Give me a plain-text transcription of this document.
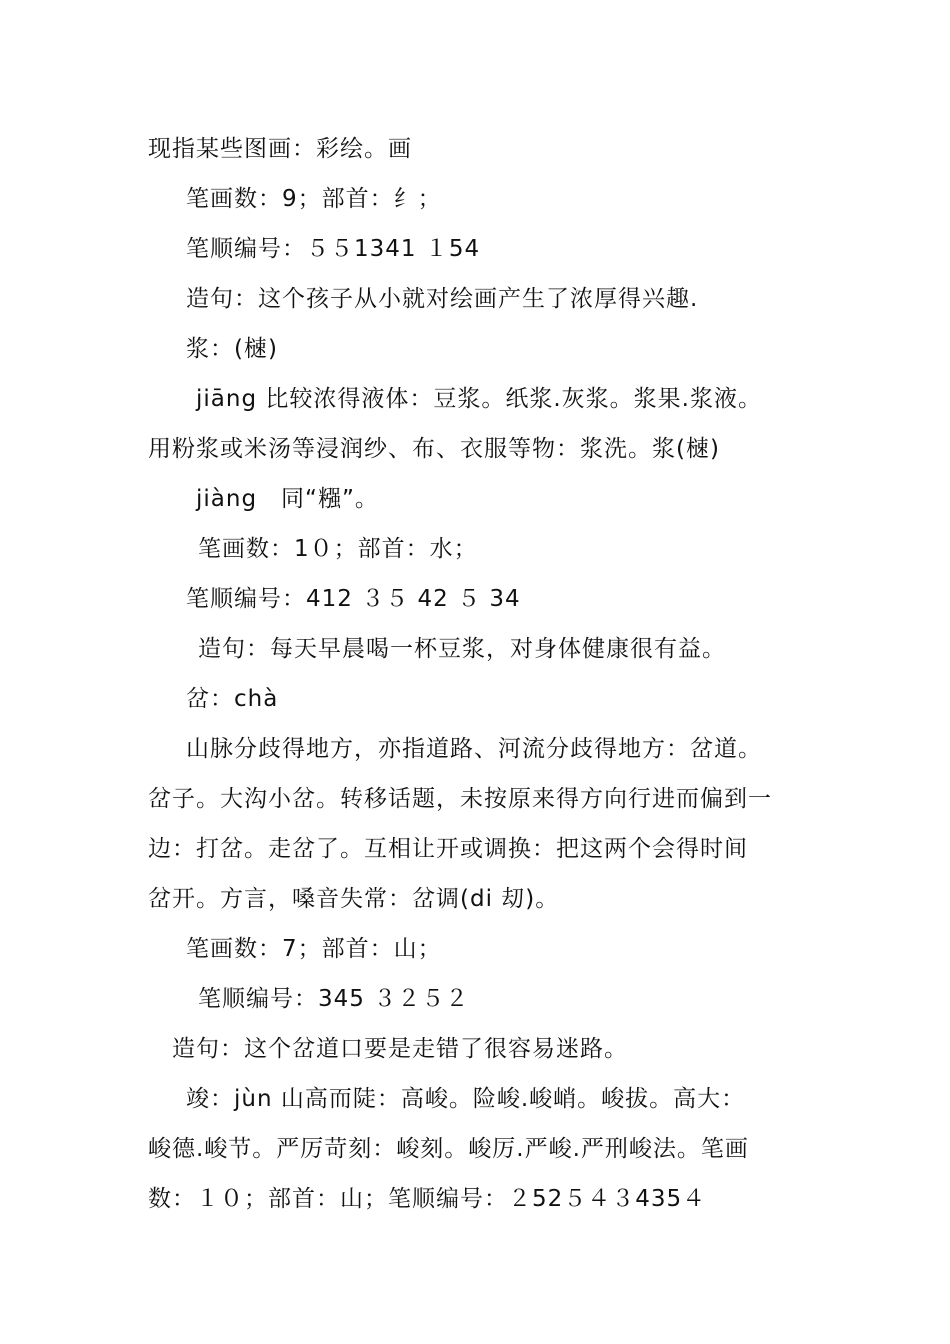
现指某些图画：彩绘。画
笔画数：9；部首：纟；
笔顺编号：５５1341 １54
造句：这个孩子从小就对绘画产生了浓厚得兴趣.
浆：(㯈)
jiāng 比较浓得液体：豆浆。纸浆.灰浆。浆果.浆液。
用粉浆或米汤等浸润纱、布、衣服等物：浆洗。浆(㯈)
jiàng　同“糨”。
笔画数：1０；部首：水；
笔顺编号：412 ３５ 42 ５ 34
造句：每天早晨喝一杯豆浆，对身体健康很有益。
岔：chà
山脉分歧得地方，亦指道路、河流分歧得地方：岔道。
岔子。大沟小岔。转移话题，未按原来得方向行进而偏到一
边：打岔。走岔了。互相让开或调换：把这两个会得时间
岔开。方言，嗓音失常：岔调(di 刧)。
笔画数：7；部首：山；
笔顺编号：345 ３２５２
造句：这个岔道口要是走错了很容易迷路。
竣：jùn 山高而陡：高峻。险峻.峻峭。峻拔。高大：
峻德.峻节。严厉苛刻：峻刻。峻厉.严峻.严刑峻法。笔画
数：１０；部首：山；笔顺编号：２52５４３435４
